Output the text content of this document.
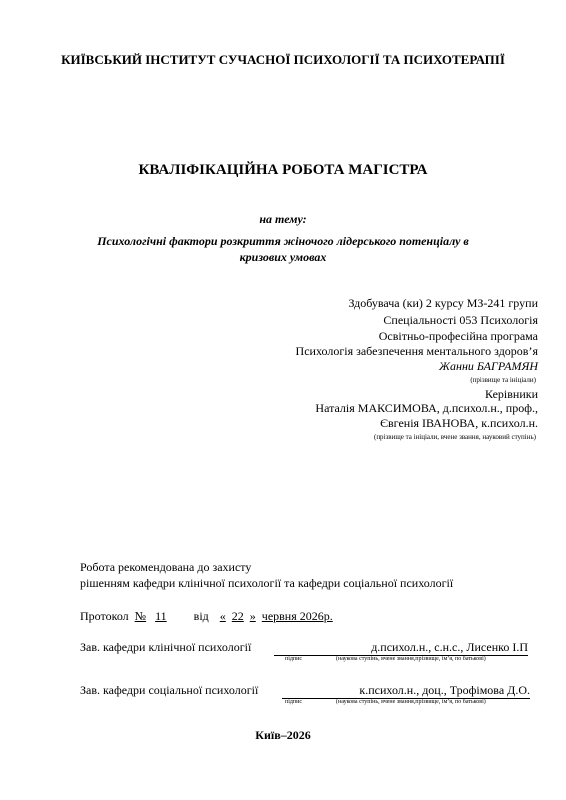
КИЇВСЬКИЙ ІНСТИТУТ СУЧАСНОЇ ПСИХОЛОГІЇ ТА ПСИХОТЕРАПІЇ
КВАЛІФІКАЦІЙНА РОБОТА МАГІСТРА
на тему:
Психологічні фактори розкриття жіночого лідерського потенціалу в
кризових умовах
Здобувача (ки) 2 курсу МЗ-241 групи
Спеціальності 053 Психологія
Освітньо-професійна програма
Психологія забезпечення ментального здоров’я
Жанни БАГРАМЯН
(прізвище та ініціали)
Керівники
Наталія МАКСИМОВА, д.психол.н., проф.,
Євгенія ІВАНОВА, к.психол.н.
(прізвище та ініціали, вчене звання, науковий ступінь)
Робота рекомендована до захисту
рішенням кафедри клінічної психології та кафедри соціальної психології
Протокол № 11 від « 22 » червня 2026р.
Зав. кафедри клінічної психології	д.психол.н., с.н.с., Лисенко І.П
підпис	(наукова ступінь, вчене звання,прізвище, ім’я, по батькові)
Зав. кафедри соціальної психології	к.психол.н., доц., Трофімова Д.О.
підпис	(наукова ступінь, вчене звання,прізвище, ім’я, по батькові)
Київ–2026
